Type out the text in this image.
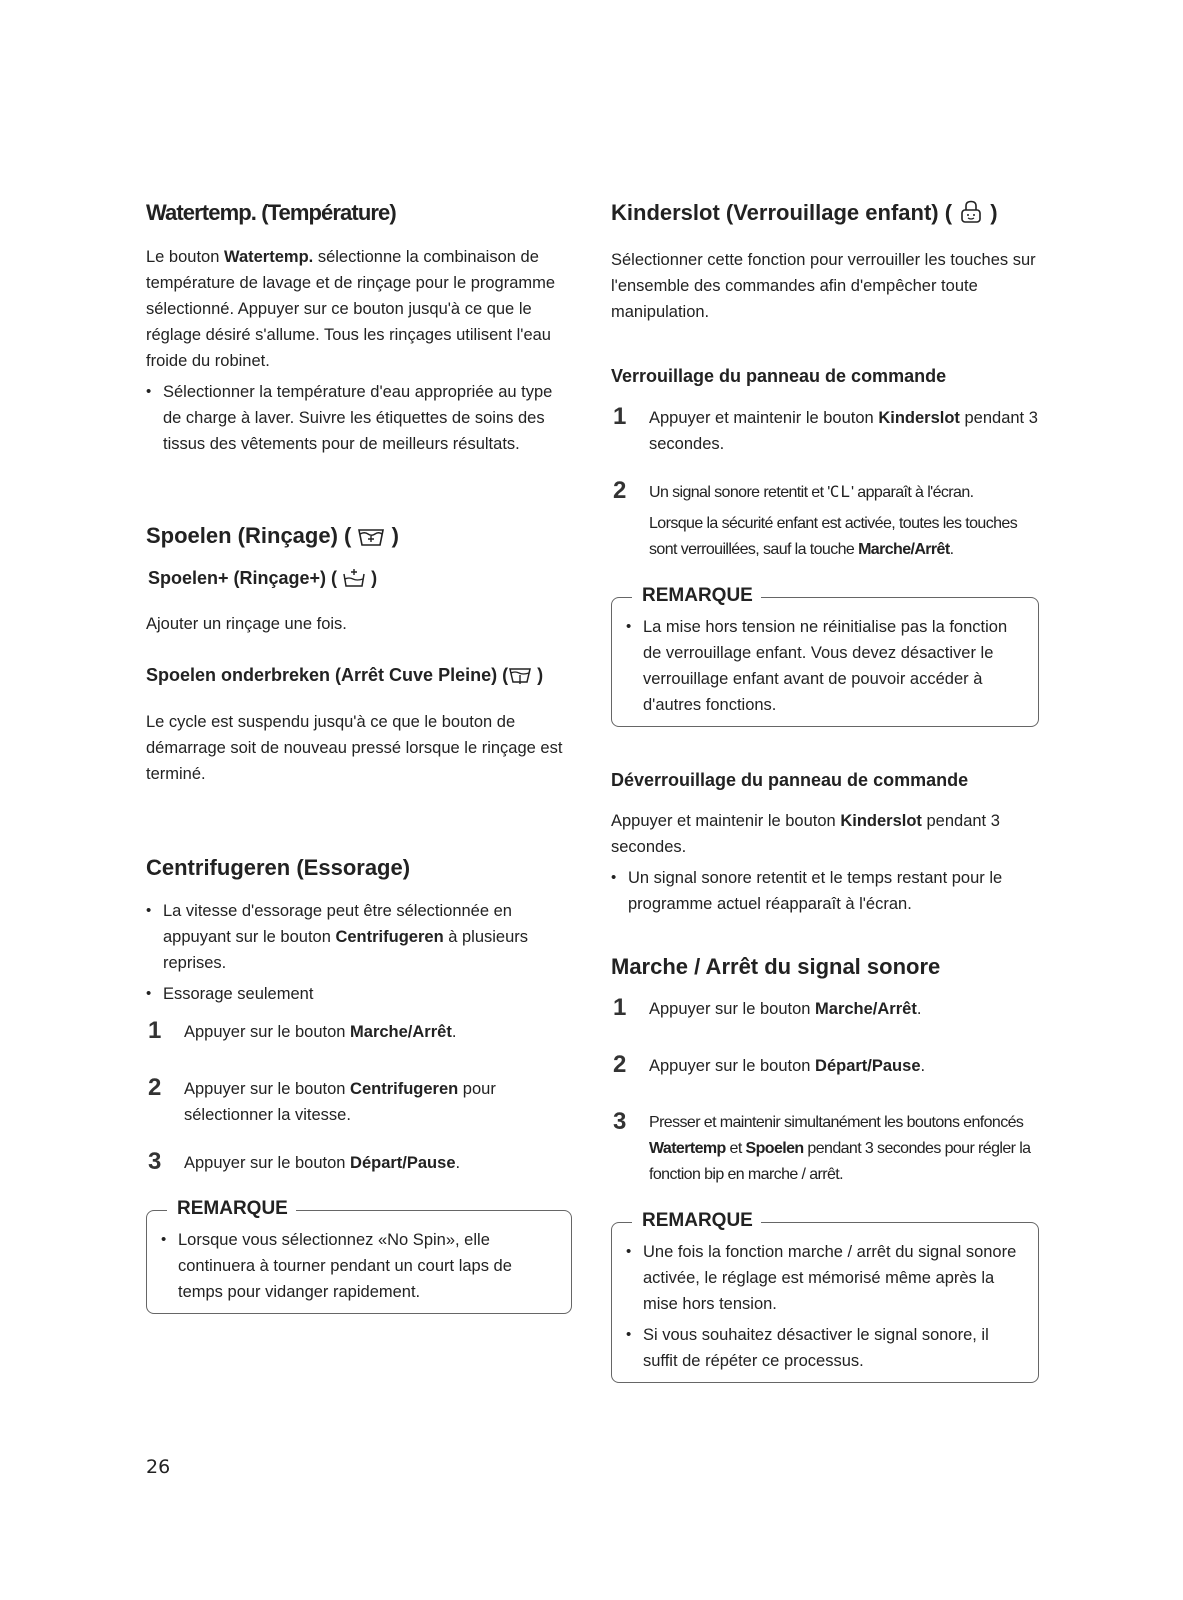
Watertemp. (Température)

Le bouton Watertemp. sélectionne la combinaison de température de lavage et de rinçage pour le programme sélectionné. Appuyer sur ce bouton jusqu'à ce que le réglage désiré s'allume. Tous les rinçages utilisent l'eau froide du robinet.

• Sélectionner la température d'eau appropriée au type de charge à laver. Suivre les étiquettes de soins des tissus des vêtements pour de meilleurs résultats.
Spoelen (Rinçage) ( )
Spoelen+ (Rinçage+) ( )

Ajouter un rinçage une fois.

Spoelen onderbreken (Arrêt Cuve Pleine) ( )

Le cycle est suspendu jusqu'à ce que le bouton de démarrage soit de nouveau pressé lorsque le rinçage est terminé.

Centrifugeren (Essorage)
• La vitesse d'essorage peut être sélectionnée en appuyant sur le bouton Centrifugeren à plusieurs reprises.
• Essorage seulement
1	Appuyer sur le bouton Marche/Arrêt.
2	Appuyer sur le bouton Centrifugeren pour sélectionner la vitesse.
3	Appuyer sur le bouton Départ/Pause.
REMARQUE
• Lorsque vous sélectionnez «No Spin», elle continuera à tourner pendant un court laps de temps pour vidanger rapidement.
Kinderslot (Verrouillage enfant) ( )

Sélectionner cette fonction pour verrouiller les touches sur l'ensemble des commandes afin d'empêcher toute manipulation.

Verrouillage du panneau de commande
1	Appuyer et maintenir le bouton Kinderslot pendant 3 secondes.
2	Un signal sonore retentit et 'CL' apparaît à l'écran.
Lorsque la sécurité enfant est activée, toutes les touches sont verrouillées, sauf la touche Marche/Arrêt.
REMARQUE
• La mise hors tension ne réinitialise pas la fonction de verrouillage enfant. Vous devez désactiver le verrouillage enfant avant de pouvoir accéder à d'autres fonctions.
Déverrouillage du panneau de commande

Appuyer et maintenir le bouton Kinderslot pendant 3 secondes.

• Un signal sonore retentit et le temps restant pour le programme actuel réapparaît à l'écran.
Marche / Arrêt du signal sonore
1	Appuyer sur le bouton Marche/Arrêt.
2	Appuyer sur le bouton Départ/Pause.
3	Presser et maintenir simultanément les boutons enfoncés Watertemp et Spoelen pendant 3 secondes pour régler la fonction bip en marche / arrêt.
REMARQUE
• Une fois la fonction marche / arrêt du signal sonore activée, le réglage est mémorisé même après la mise hors tension.
• Si vous souhaitez désactiver le signal sonore, il suffit de répéter ce processus.
26
